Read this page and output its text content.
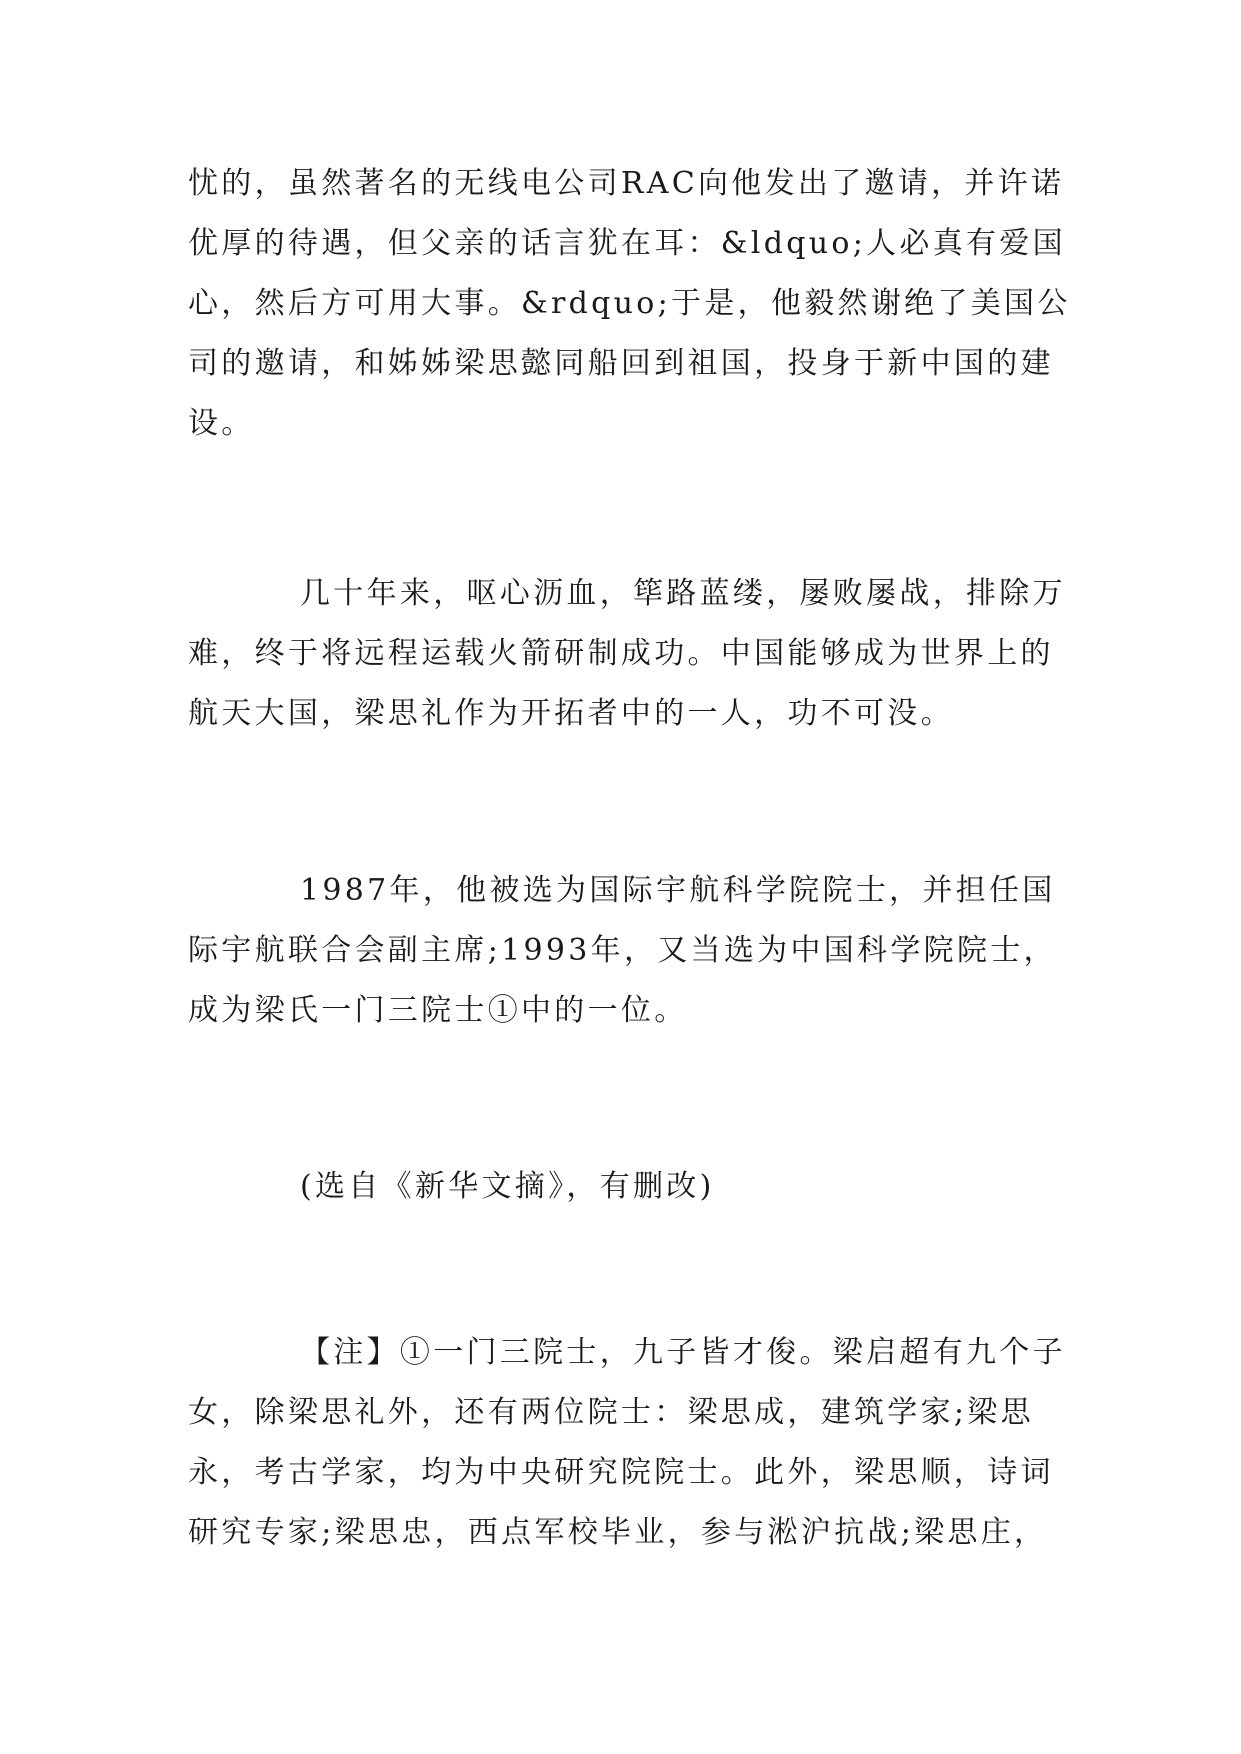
忧的，虽然著名的无线电公司RAC向他发出了邀请，并许诺
优厚的待遇，但父亲的话言犹在耳：&ldquo;人必真有爱国
心，然后方可用大事。&rdquo;于是，他毅然谢绝了美国公
司的邀请，和姊姊梁思懿同船回到祖国，投身于新中国的建
设。
几十年来，呕心沥血，筚路蓝缕，屡败屡战，排除万
难，终于将远程运载火箭研制成功。中国能够成为世界上的
航天大国，梁思礼作为开拓者中的一人，功不可没。
1987年，他被选为国际宇航科学院院士，并担任国
际宇航联合会副主席;1993年，又当选为中国科学院院士，
成为梁氏一门三院士①中的一位。
(选自《新华文摘》，有删改)
【注】①一门三院士，九子皆才俊。梁启超有九个子
女，除梁思礼外，还有两位院士：梁思成，建筑学家;梁思
永，考古学家，均为中央研究院院士。此外，梁思顺，诗词
研究专家;梁思忠，西点军校毕业，参与淞沪抗战;梁思庄，
